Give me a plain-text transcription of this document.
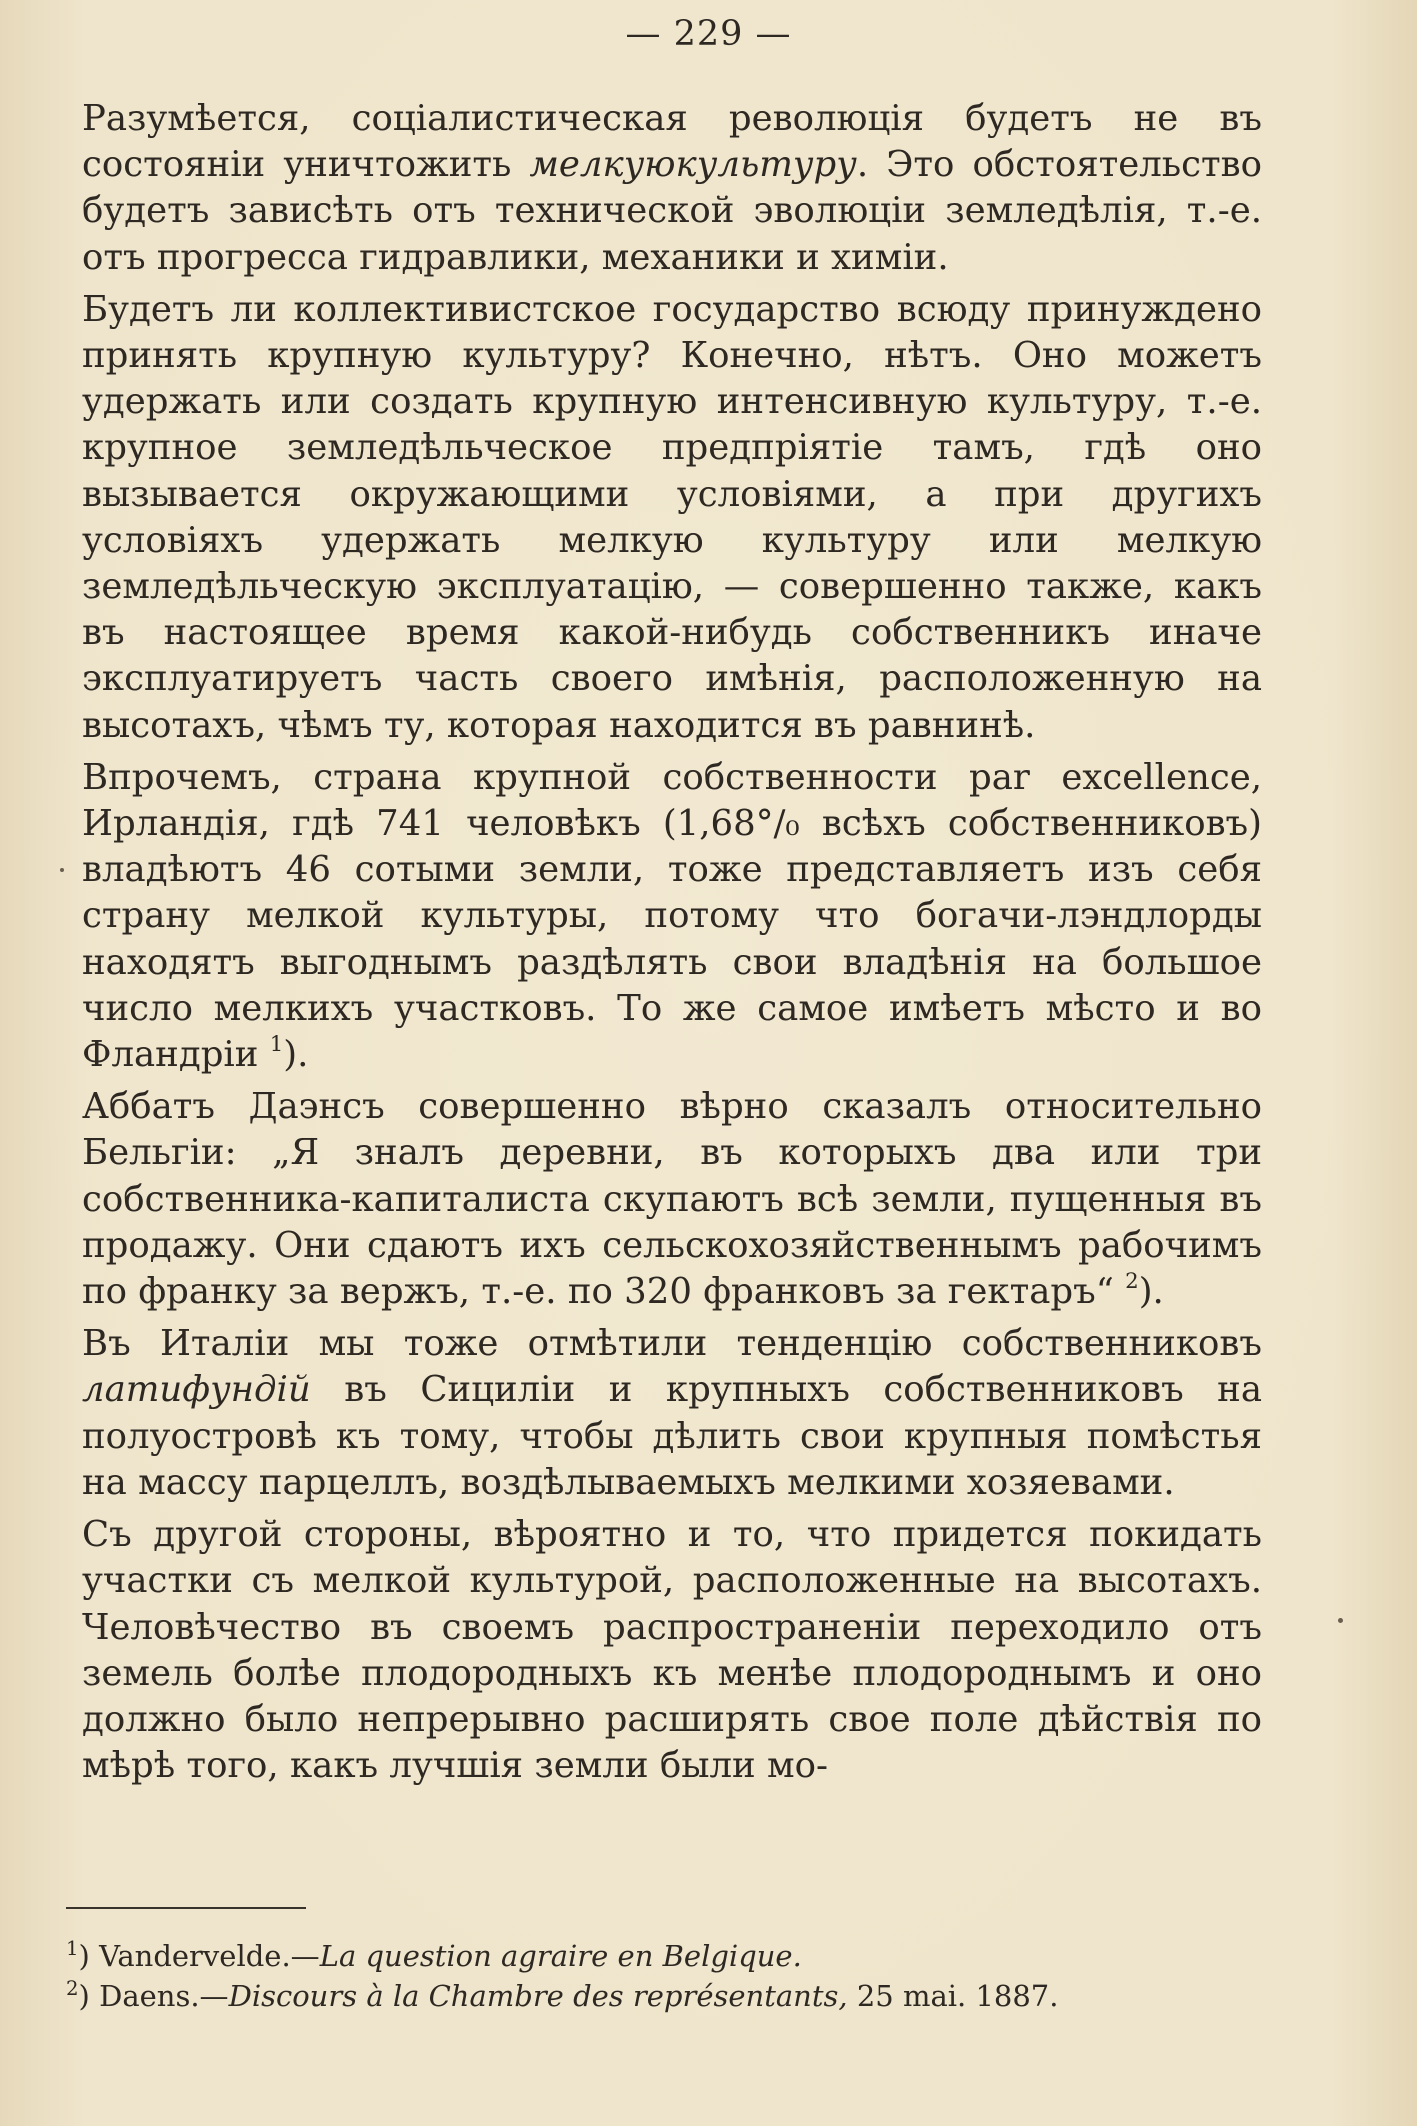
— 229 —

Разумѣется, соціалистическая революція будетъ не въ состояніи уничтожить мелкуюкультуру. Это обстоятельство будетъ зависѣть отъ технической эволюціи земледѣлія, т.-е. отъ прогресса гидравлики, механики и химіи.

Будетъ ли коллективистское государство всюду принуждено принять крупную культуру? Конечно, нѣтъ. Оно можетъ удержать или создать крупную интенсивную культуру, т.-е. крупное земледѣльческое предпріятіе тамъ, гдѣ оно вызывается окружающими условіями, а при другихъ условіяхъ удержать мелкую культуру или мелкую земледѣльческую эксплуатацію, — совершенно также, какъ въ настоящее время какой-нибудь собственникъ иначе эксплуатируетъ часть своего имѣнія, расположенную на высотахъ, чѣмъ ту, которая находится въ равнинѣ.

Впрочемъ, страна крупной собственности par excellence, Ирландія, гдѣ 741 человѣкъ (1,68°/₀ всѣхъ собственниковъ) владѣютъ 46 сотыми земли, тоже представляетъ изъ себя страну мелкой культуры, потому что богачи-лэндлорды находятъ выгоднымъ раздѣлять свои владѣнія на большое число мелкихъ участковъ. То же самое имѣетъ мѣсто и во Фландріи $^1$).

Аббатъ Даэнсъ совершенно вѣрно сказалъ относительно Бельгіи: „Я зналъ деревни, въ которыхъ два или три собственника-капиталиста скупаютъ всѣ земли, пущенныя въ продажу. Они сдаютъ ихъ сельскохозяйственнымъ рабочимъ по франку за вержъ, т.-е. по 320 франковъ за гектаръ“ $^2$).

Въ Италіи мы тоже отмѣтили тенденцію собственниковъ латифундій въ Сициліи и крупныхъ собственниковъ на полуостровѣ къ тому, чтобы дѣлить свои крупныя помѣстья на массу парцеллъ, воздѣлываемыхъ мелкими хозяевами.

Съ другой стороны, вѣроятно и то, что придется покидать участки съ мелкой культурой, расположенные на высотахъ. Человѣчество въ своемъ распространеніи переходило отъ земель болѣе плодородныхъ къ менѣе плодороднымъ и оно должно было непрерывно расширять свое поле дѣйствія по мѣрѣ того, какъ лучшія земли были мо-

$^1$) Vandervelde.—La question agraire en Belgique.
$^2$) Daens.—Discours à la Chambre des représentants, 25 mai. 1887.
